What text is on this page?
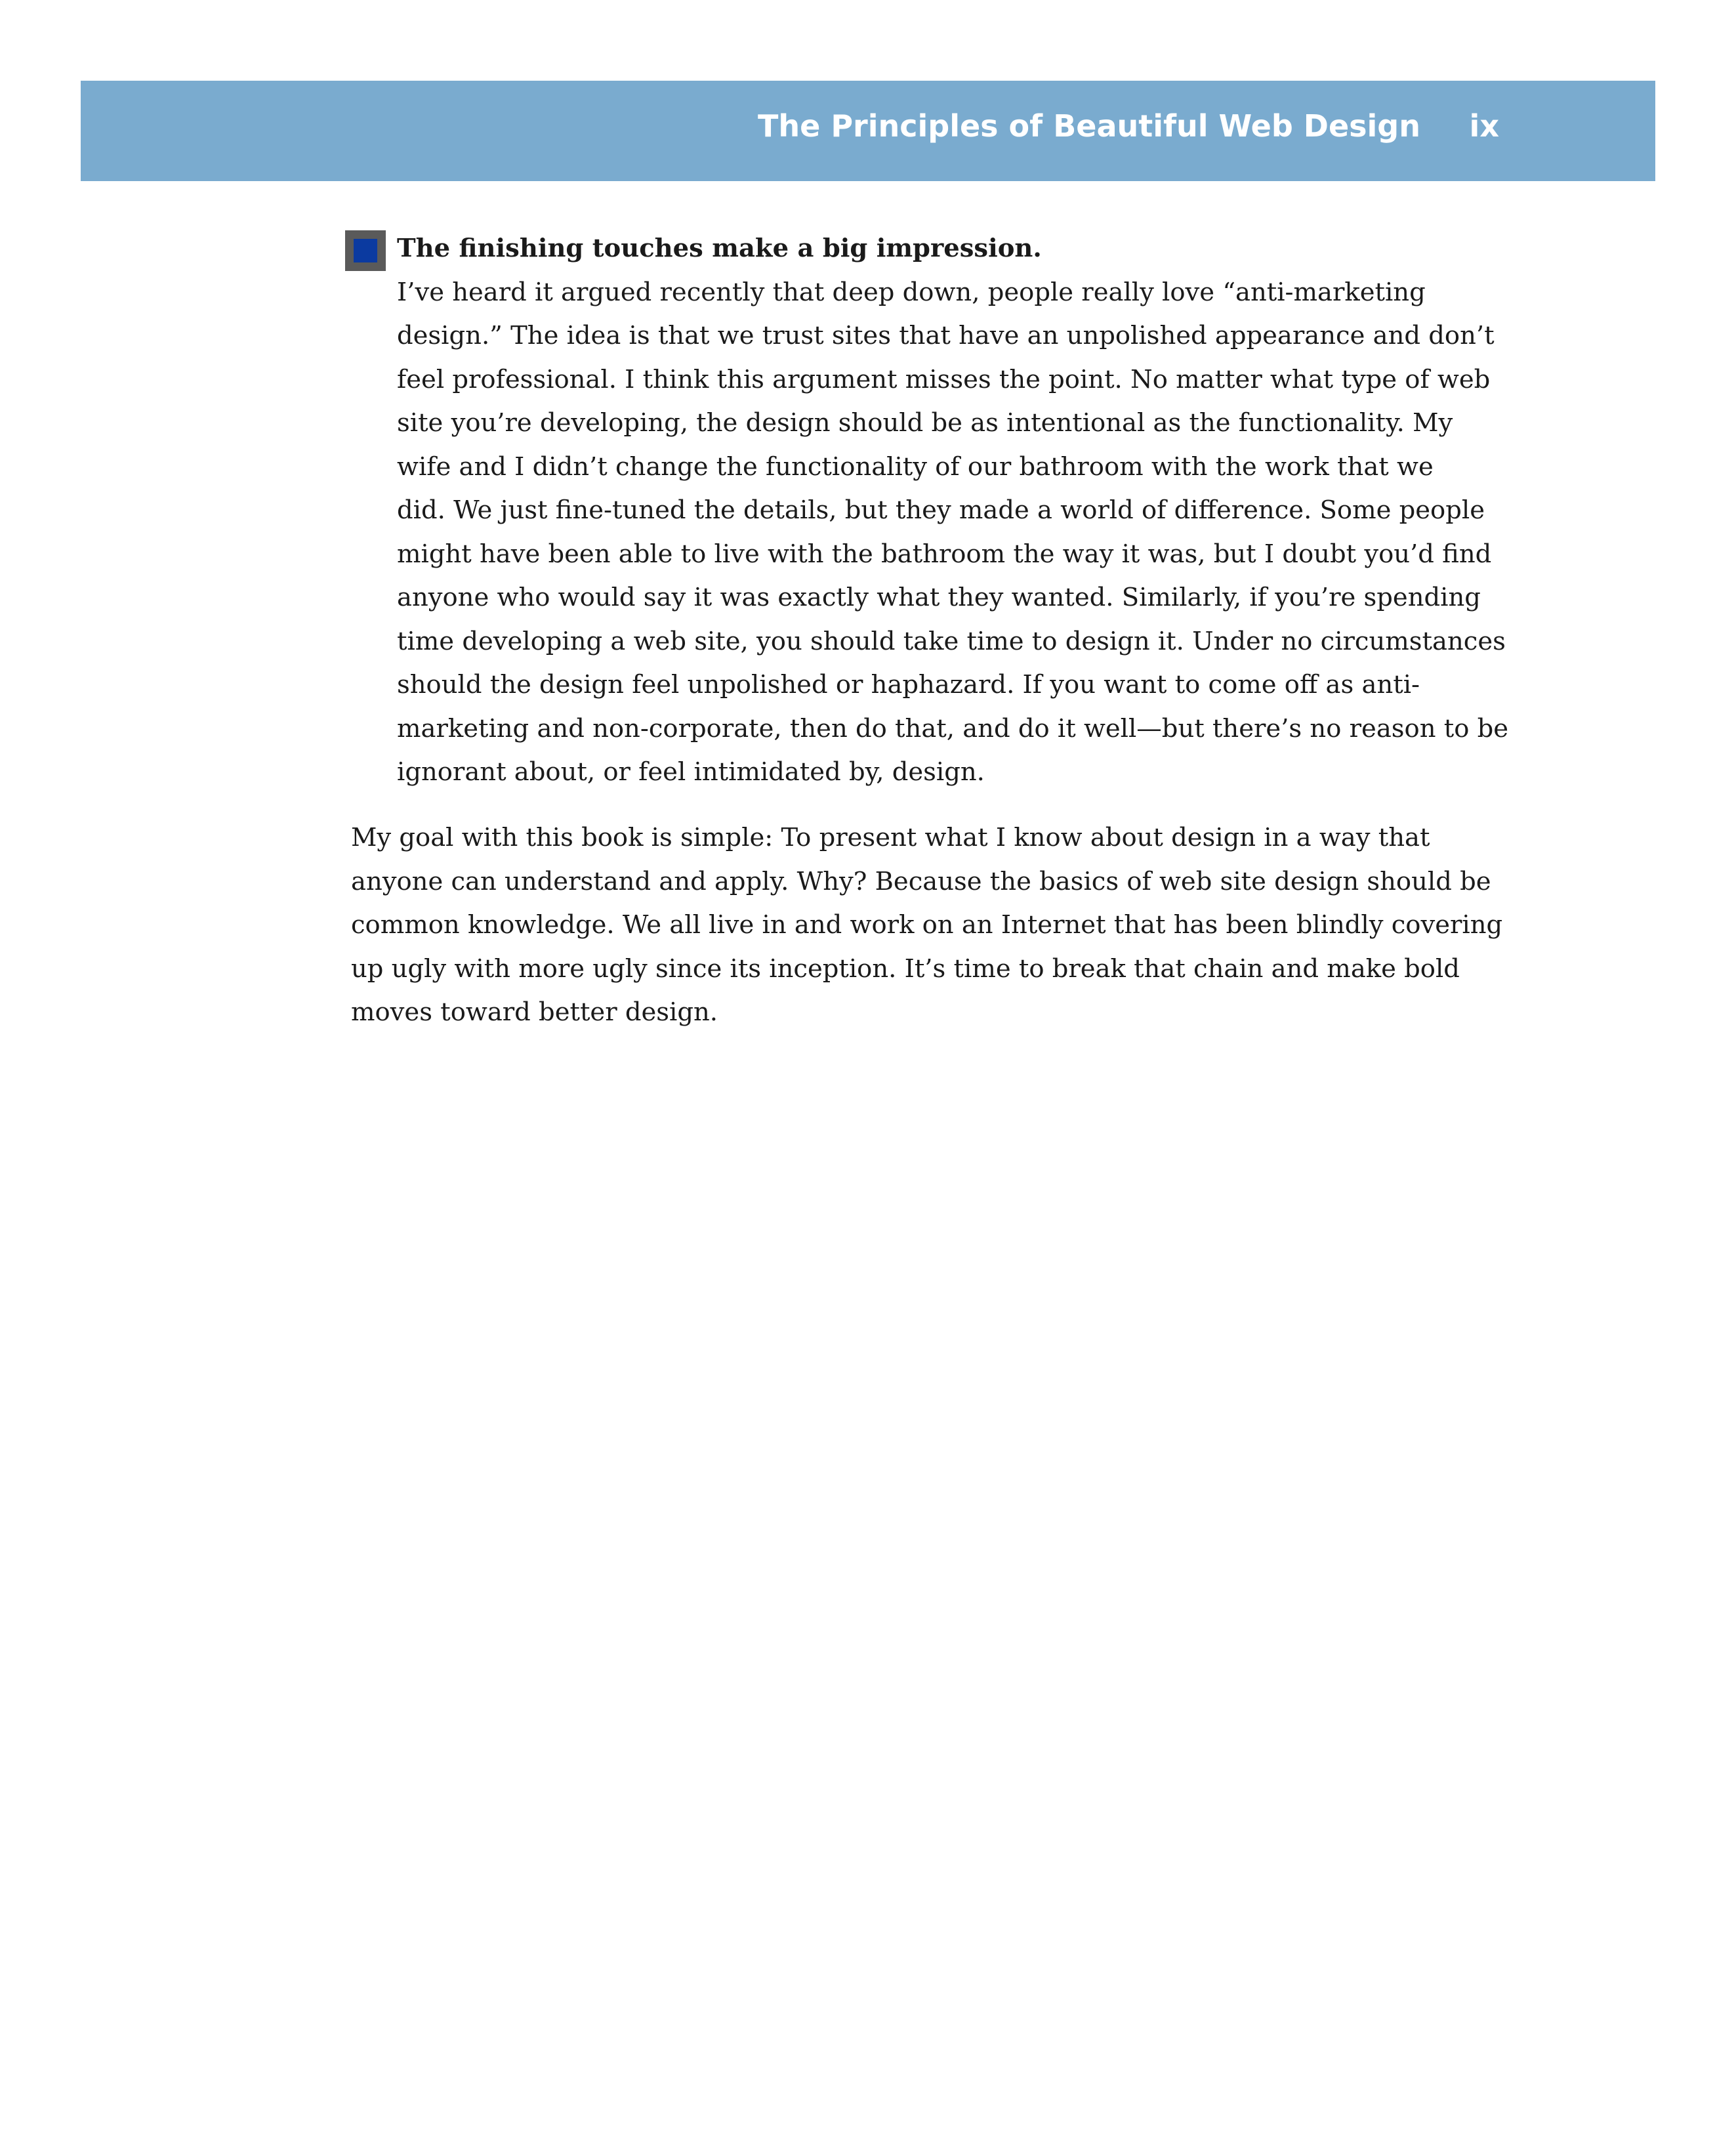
The Principles of Beautiful Web Design ix

The finishing touches make a big impression.

I’ve heard it argued recently that deep down, people really love “anti-marketing

design.” The idea is that we trust sites that have an unpolished appearance and don’t

feel professional. I think this argument misses the point. No matter what type of web

site you’re developing, the design should be as intentional as the functionality. My

wife and I didn’t change the functionality of our bathroom with the work that we

did. We just fine-tuned the details, but they made a world of difference. Some people

might have been able to live with the bathroom the way it was, but I doubt you’d find

anyone who would say it was exactly what they wanted. Similarly, if you’re spending

time developing a web site, you should take time to design it. Under no circumstances

should the design feel unpolished or haphazard. If you want to come off as anti-

marketing and non-corporate, then do that, and do it well—but there’s no reason to be

ignorant about, or feel intimidated by, design.

My goal with this book is simple: To present what I know about design in a way that

anyone can understand and apply. Why? Because the basics of web site design should be

common knowledge. We all live in and work on an Internet that has been blindly covering

up ugly with more ugly since its inception. It’s time to break that chain and make bold

moves toward better design.
